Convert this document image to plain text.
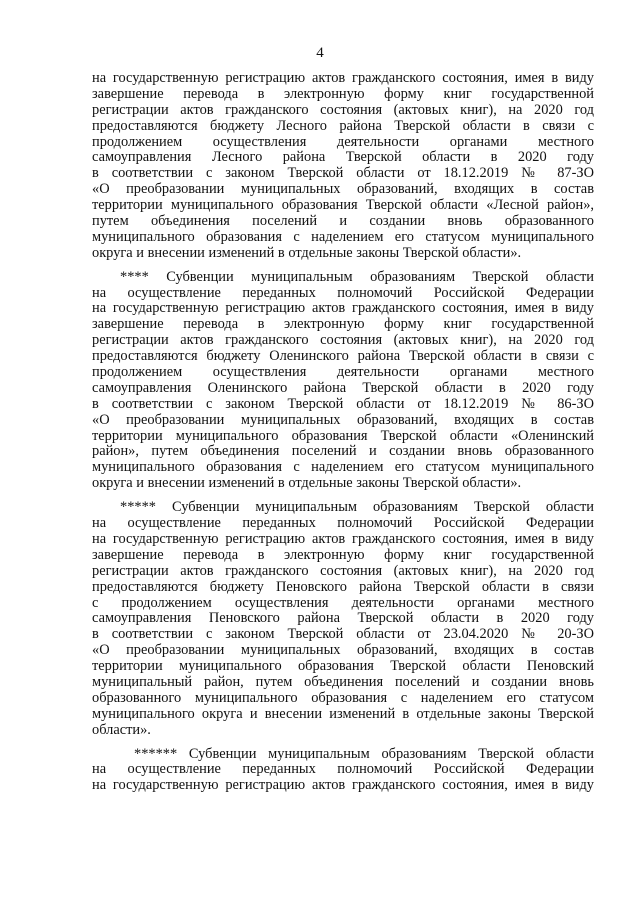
4
на государственную регистрацию актов гражданского состояния, имея в виду
завершение перевода в электронную форму книг государственной
регистрации актов гражданского состояния (актовых книг), на 2020 год
предоставляются бюджету Лесного района Тверской области в связи с
продолжением осуществления деятельности органами местного
самоуправления Лесного района Тверской области в 2020 году
в соответствии с законом Тверской области от 18.12.2019 № 87-ЗО
«О преобразовании муниципальных образований, входящих в состав
территории муниципального образования Тверской области «Лесной район»,
путем объединения поселений и создании вновь образованного
муниципального образования с наделением его статусом муниципального
округа и внесении изменений в отдельные законы Тверской области».
**** Субвенции муниципальным образованиям Тверской области
на осуществление переданных полномочий Российской Федерации
на государственную регистрацию актов гражданского состояния, имея в виду
завершение перевода в электронную форму книг государственной
регистрации актов гражданского состояния (актовых книг), на 2020 год
предоставляются бюджету Оленинского района Тверской области в связи с
продолжением осуществления деятельности органами местного
самоуправления Оленинского района Тверской области в 2020 году
в соответствии с законом Тверской области от 18.12.2019 № 86-ЗО
«О преобразовании муниципальных образований, входящих в состав
территории муниципального образования Тверской области «Оленинский
район», путем объединения поселений и создании вновь образованного
муниципального образования с наделением его статусом муниципального
округа и внесении изменений в отдельные законы Тверской области».
***** Субвенции муниципальным образованиям Тверской области
на осуществление переданных полномочий Российской Федерации
на государственную регистрацию актов гражданского состояния, имея в виду
завершение перевода в электронную форму книг государственной
регистрации актов гражданского состояния (актовых книг), на 2020 год
предоставляются бюджету Пеновского района Тверской области в связи
с продолжением осуществления деятельности органами местного
самоуправления Пеновского района Тверской области в 2020 году
в соответствии с законом Тверской области от 23.04.2020 № 20-ЗО
«О преобразовании муниципальных образований, входящих в состав
территории муниципального образования Тверской области Пеновский
муниципальный район, путем объединения поселений и создании вновь
образованного муниципального образования с наделением его статусом
муниципального округа и внесении изменений в отдельные законы Тверской
области».
****** Субвенции муниципальным образованиям Тверской области
на осуществление переданных полномочий Российской Федерации
на государственную регистрацию актов гражданского состояния, имея в виду
